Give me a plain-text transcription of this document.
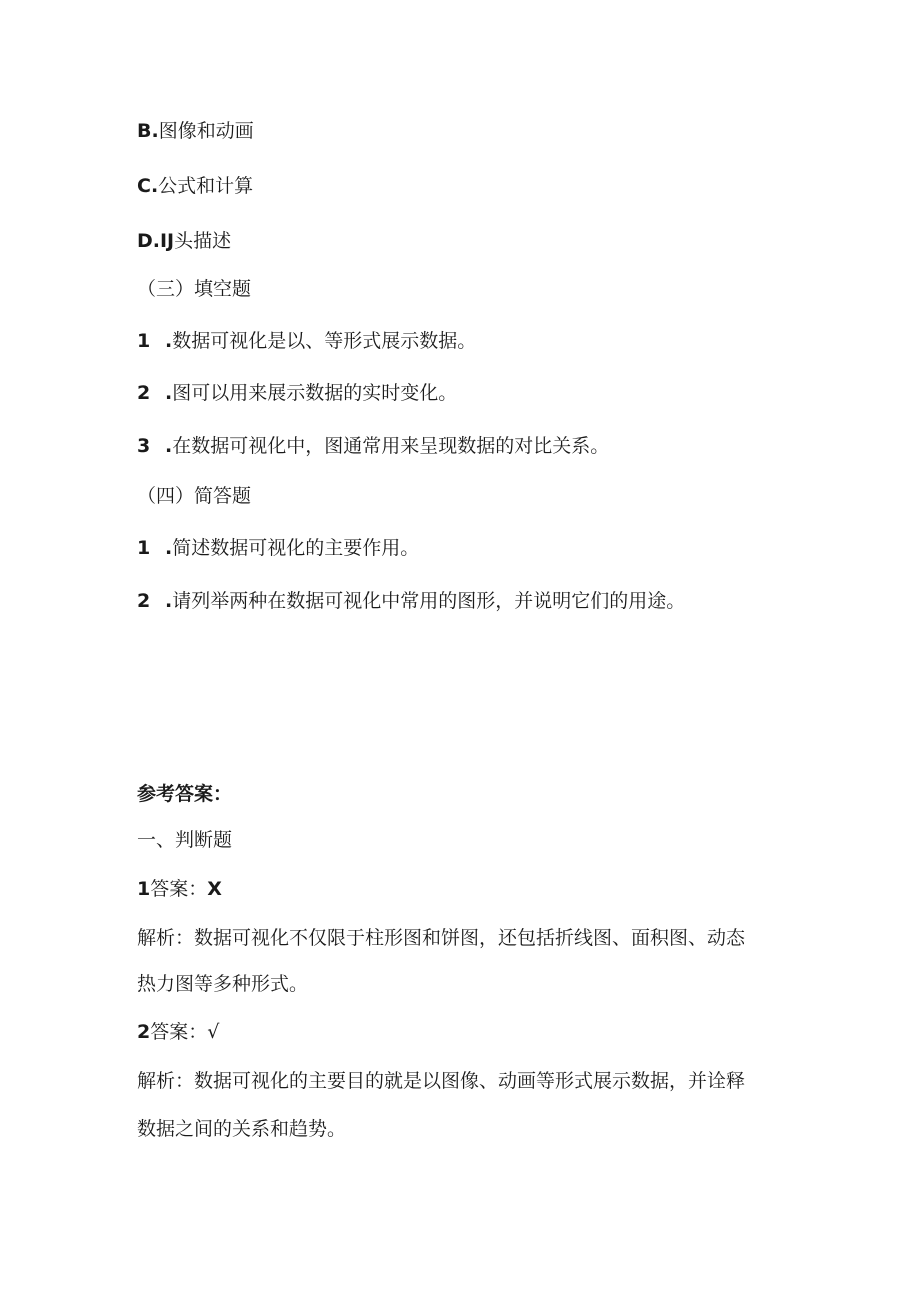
B.图像和动画
C.公式和计算
D.IJ头描述
（三）填空题
1 .数据可视化是以、等形式展示数据。
2 .图可以用来展示数据的实时变化。
3 .在数据可视化中，图通常用来呈现数据的对比关系。
（四）简答题
1 .简述数据可视化的主要作用。
2 .请列举两种在数据可视化中常用的图形，并说明它们的用途。
参考答案：
一、判断题
1答案：X
解析：数据可视化不仅限于柱形图和饼图，还包括折线图、面积图、动态
热力图等多种形式。
2答案：√
解析：数据可视化的主要目的就是以图像、动画等形式展示数据，并诠释
数据之间的关系和趋势。
